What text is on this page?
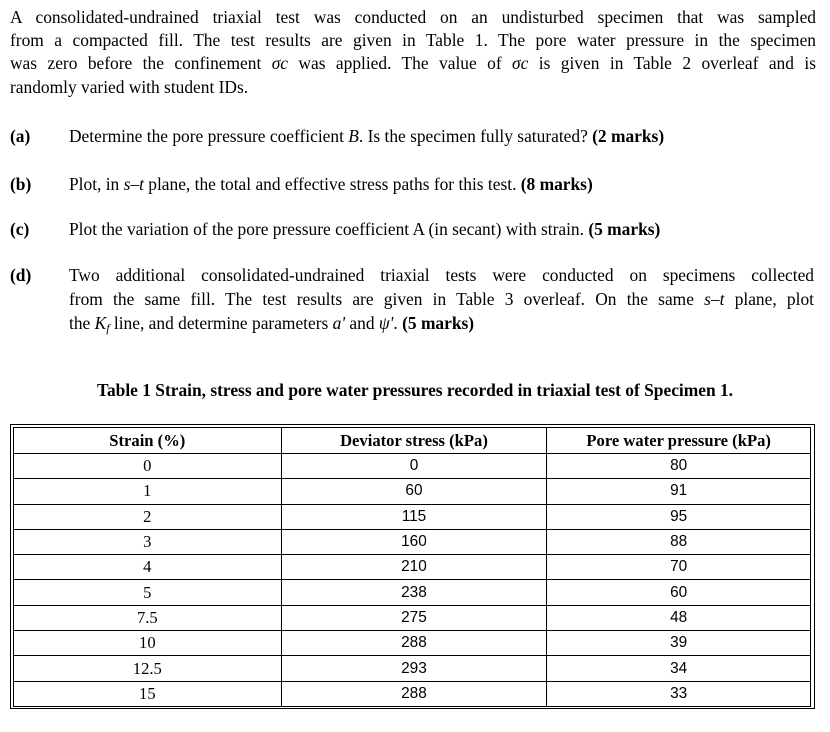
A consolidated-undrained triaxial test was conducted on an undisturbed specimen that was sampled
from a compacted fill. The test results are given in Table 1. The pore water pressure in the specimen
was zero before the confinement σc was applied. The value of σc is given in Table 2 overleaf and is
randomly varied with student IDs.
(a) Determine the pore pressure coefficient B. Is the specimen fully saturated? (2 marks)
(b) Plot, in s–t plane, the total and effective stress paths for this test. (8 marks)
(c) Plot the variation of the pore pressure coefficient A (in secant) with strain. (5 marks)
(d) Two additional consolidated-undrained triaxial tests were conducted on specimens collected
from the same fill. The test results are given in Table 3 overleaf. On the same s–t plane, plot
the Kf line, and determine parameters a' and ψ'. (5 marks)
Table 1 Strain, stress and pore water pressures recorded in triaxial test of Specimen 1.
Strain (%)	Deviator stress (kPa)	Pore water pressure (kPa)
0	0	80
1	60	91
2	115	95
3	160	88
4	210	70
5	238	60
7.5	275	48
10	288	39
12.5	293	34
15	288	33
